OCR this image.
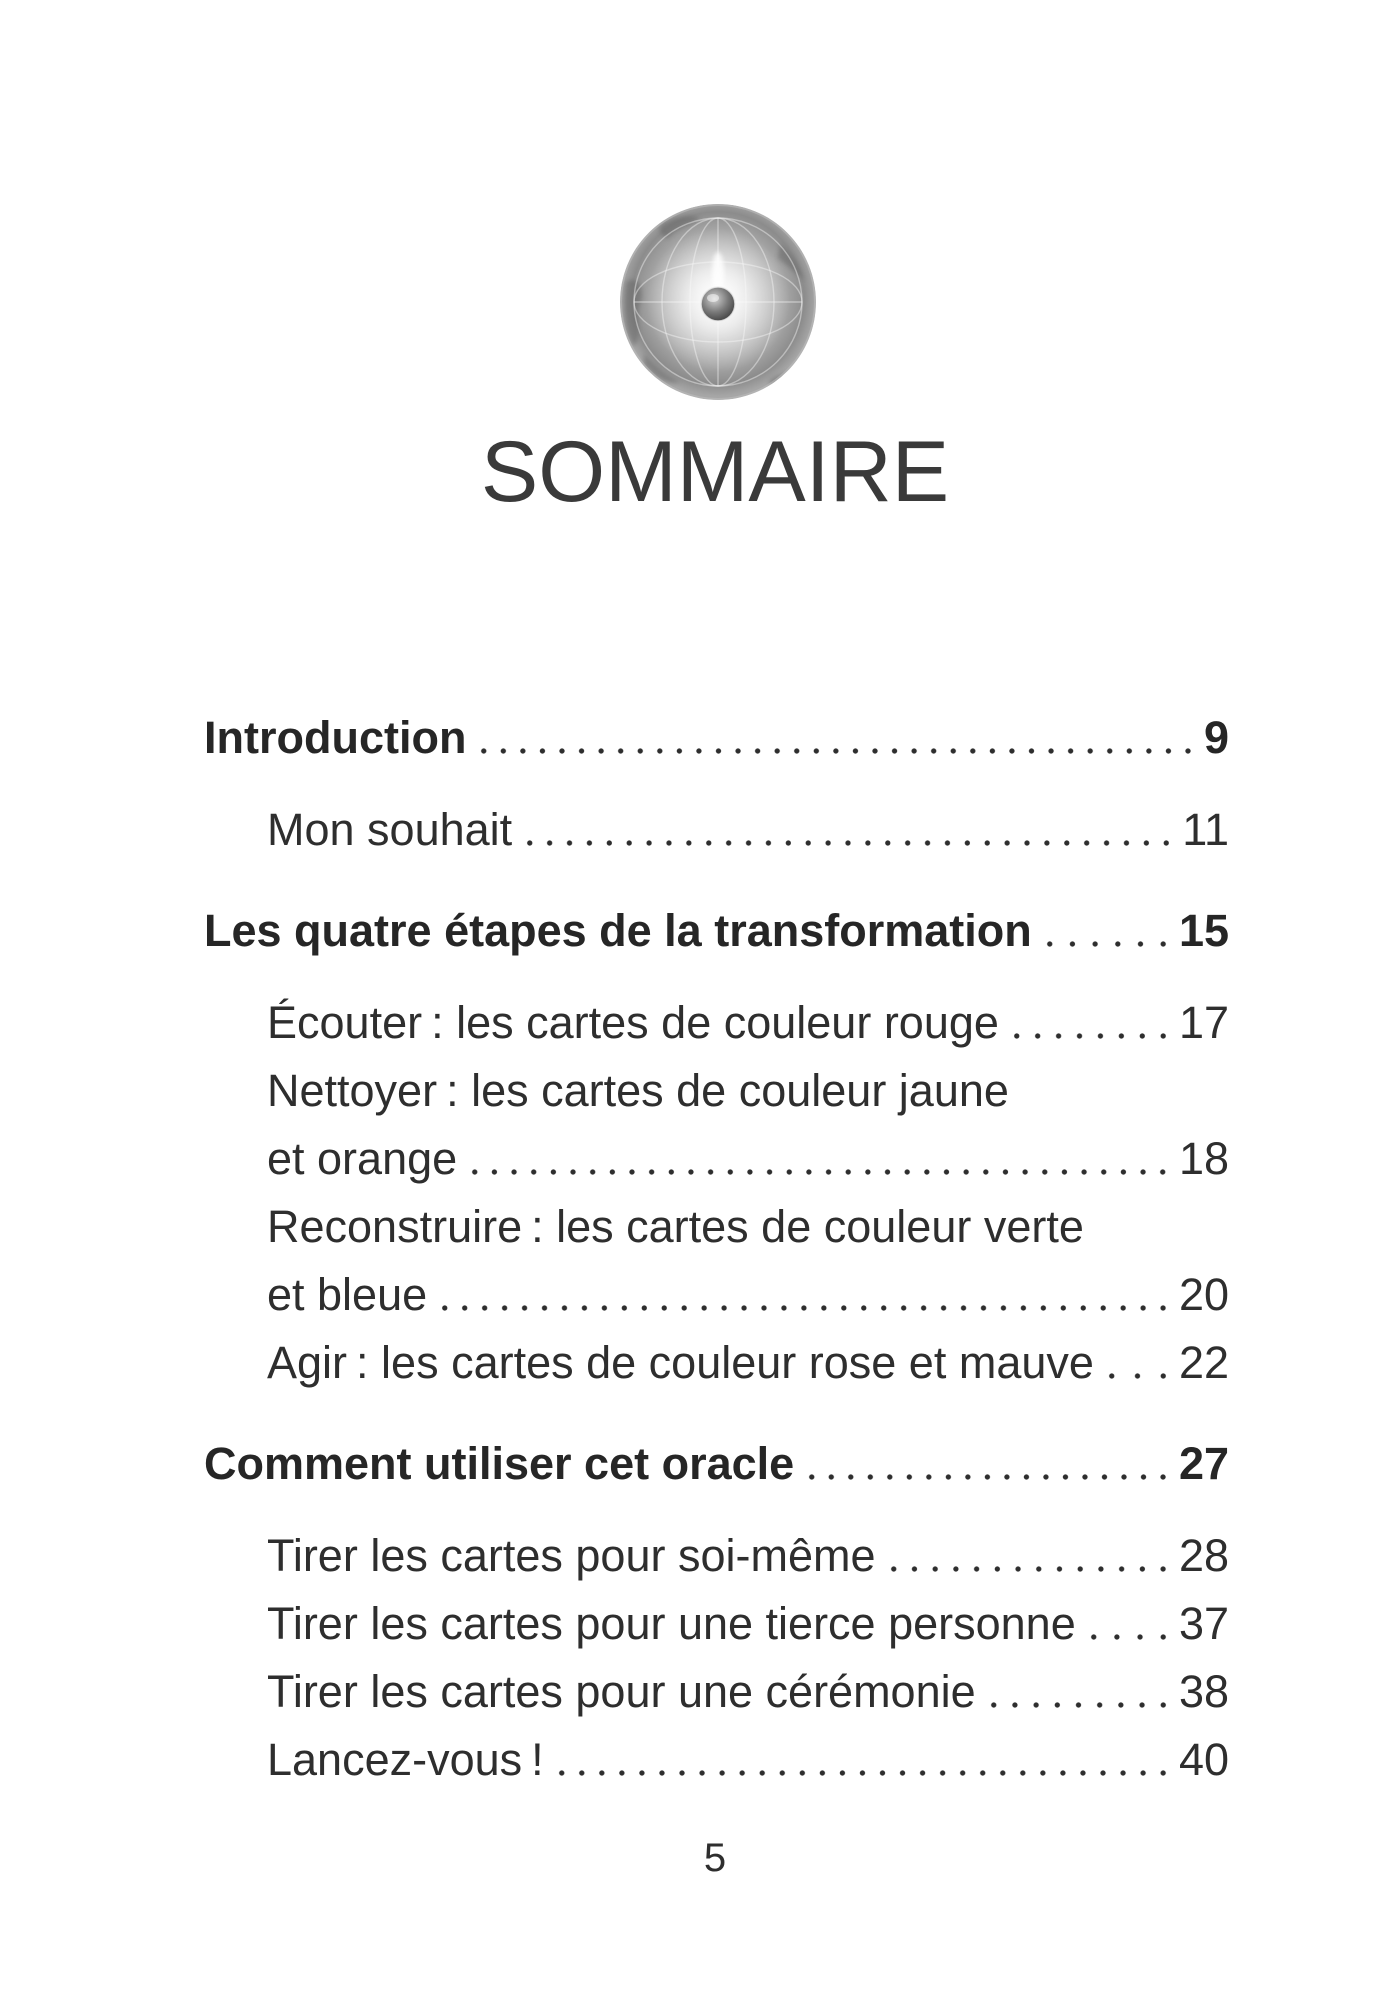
SOMMAIRE
Introduction	9
Mon souhait	11
Les quatre étapes de la transformation	15
Écouter : les cartes de couleur rouge	17
Nettoyer : les cartes de couleur jaune
et orange	18
Reconstruire : les cartes de couleur verte
et bleue	20
Agir : les cartes de couleur rose et mauve 22
Comment utiliser cet oracle	27
Tirer les cartes pour soi-même	28
Tirer les cartes pour une tierce personne 37
Tirer les cartes pour une cérémonie	38
Lancez-vous !	40
5
